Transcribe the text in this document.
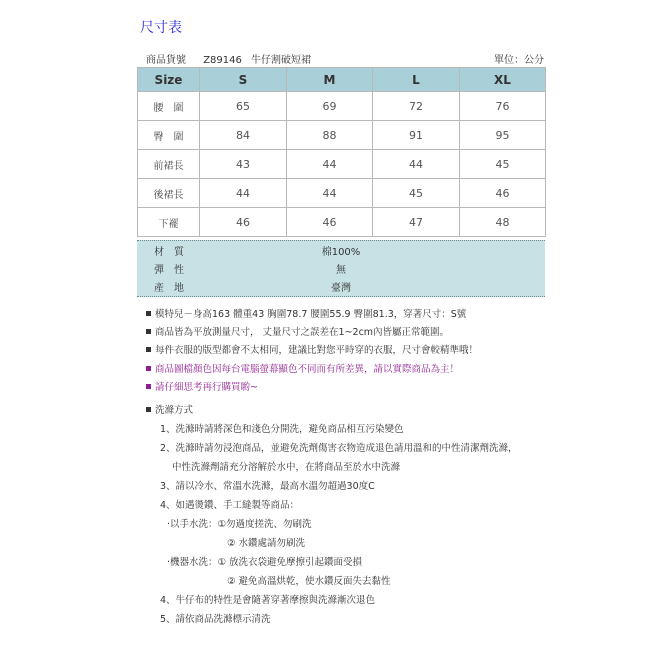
尺寸表
商品貨號 Z89146 牛仔割破短裙	單位：公分
Size	S	M	L	XL
腰　圍	65	69	72	76
臀　圍	84	88	91	95
前裙長	43	44	44	45
後裙長	44	44	45	46
下襬	46	46	47	48
材質	棉100%
彈性	無
產地	臺灣
模特兒－身高163 體重43 胸圍78.7 腰圍55.9 臀圍81.3，穿著尺寸：S號
商品皆為平放測量尺寸， 丈量尺寸之誤差在1~2cm內皆屬正常範圍。
每件衣服的版型都會不太相同，建議比對您平時穿的衣服，尺寸會較精準哦！
商品圖檔顏色因每台電腦螢幕顯色不同而有所差異，請以實際商品為主！
請仔細思考再行購買喲~
洗滌方式
1、洗滌時請將深色和淺色分開洗，避免商品相互污染變色
2、洗滌時請勿浸泡商品，並避免洗劑傷害衣物造成退色請用溫和的中性清潔劑洗滌，
中性洗滌劑請充分溶解於水中，在將商品至於水中洗滌
3、請以冷水、常溫水洗滌，最高水溫勿超過30度C
4、如遇燙鑽、手工縫製等商品：
‧以手水洗：①勿過度搓洗、勿刷洗
② 水鑽處請勿刷洗
‧機器水洗：① 放洗衣袋避免摩擦引起鑽面受損
② 避免高溫烘乾，使水鑽反面失去黏性
4、牛仔布的特性是會隨著穿著摩擦與洗滌漸次退色
5、請依商品洗滌標示清洗
